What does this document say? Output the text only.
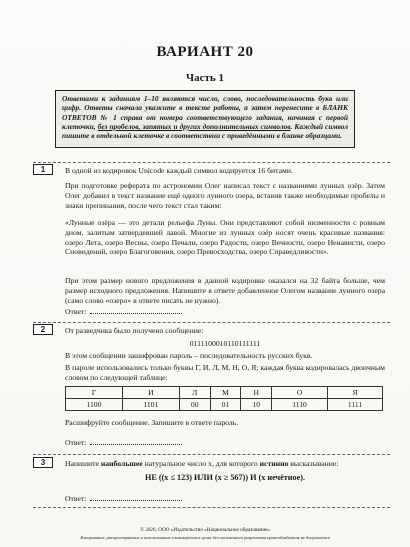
ВАРИАНТ 20
Часть 1
Ответами к заданиям 1–10 являются число, слово, последовательность букв или цифр. Ответы сначала укажите в тексте работы, а затем перенесите в БЛАНК ОТВЕТОВ № 1 справа от номера соответствующего задания, начиная с первой клеточки, без пробелов, запятых и других дополнительных символов. Каждый символ пишите в отдельной клеточке в соответствии с приведёнными в бланке образцами.
1	В одной из кодировок Unicode каждый символ кодируется 16 битами.
При подготовке реферата по астрономии Олег написал текст с названиями лунных озёр. Затем Олег добавил в текст название ещё одного лунного озера, вставив также необходимые пробелы и знаки препинания, после чего текст стал таким:
«Лунные озёра — это детали рельефа Луны. Они представляют собой низменности с ровным дном, залитым затвердевшей лавой. Многие из лунных озёр носят очень красивые названия: озеро Лета, озеро Весны, озеро Печали, озеро Радости, озеро Вечности, озеро Ненависти, озеро Сновидений, озеро Благоговения, озеро Превосходства, озеро Справедливости».
При этом размер нового предложения в данной кодировке оказался на 32 байта больше, чем размер исходного предложения. Напишите в ответе добавленное Олегом название лунного озера (само слово «озеро» в ответе писать не нужно).
Ответ:
2	От разведчика было получено сообщение:
0111100010110111111
В этом сообщении зашифрован пароль – последовательность русских букв.
В пароле использовались только буквы Г, И, Л, М, Н, О, Я; каждая буква кодировалась двоичным словом по следующей таблице:
Г	И	Л	М	Н	О	Я
1100	1101	00	01	10	1110	1111
Расшифруйте сообщение. Запишите в ответе пароль.
Ответ:
3	Напишите наибольшее натуральное число x, для которого истинно высказывание:
НЕ ((x ≤ 123) ИЛИ (x ≥ 567)) И (x нечётное).
Ответ:
© 2026. ООО «Издательство «Национальное образование»
Копирование, распространение и использование в коммерческих целях без письменного разрешения правообладателя не допускается
